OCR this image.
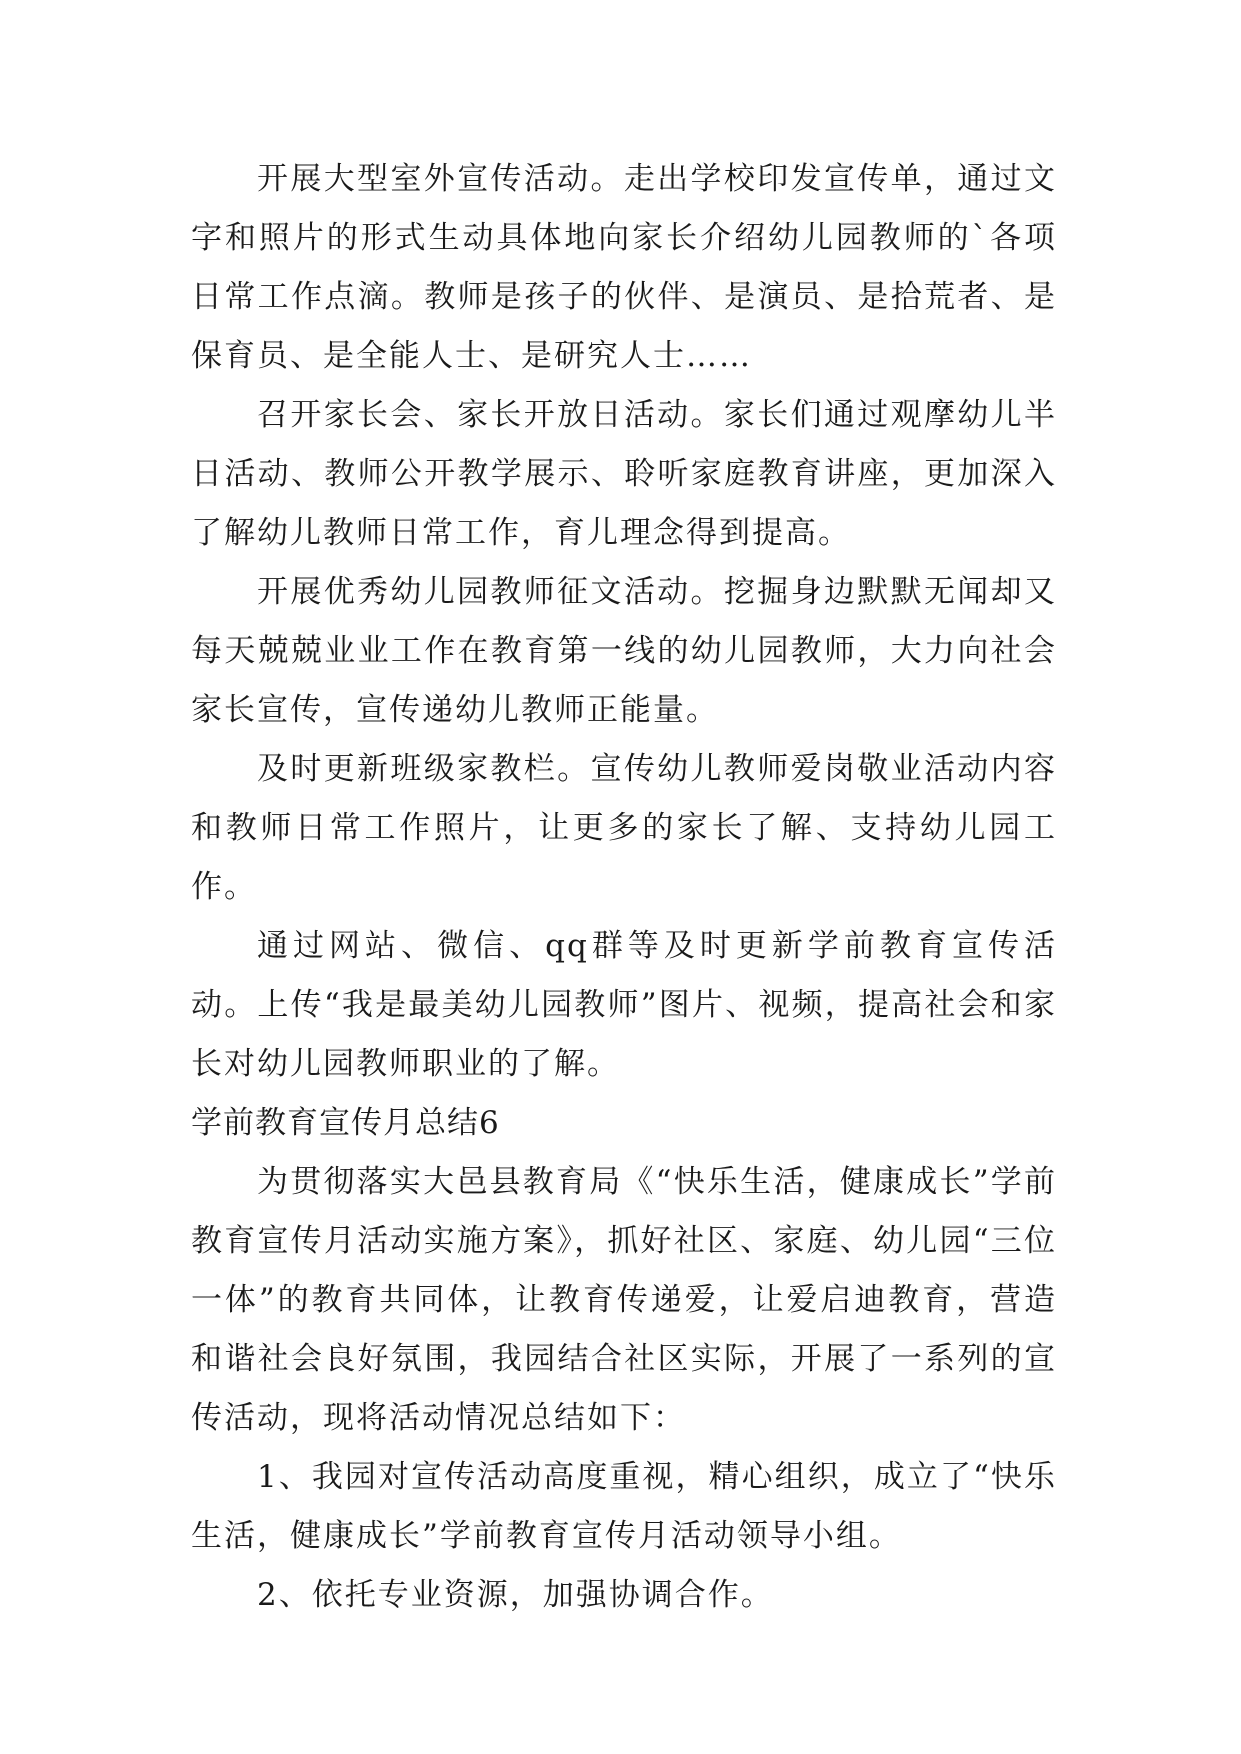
开展大型室外宣传活动。走出学校印发宣传单，通过文字和照片的形式生动具体地向家长介绍幼儿园教师的`各项日常工作点滴。教师是孩子的伙伴、是演员、是拾荒者、是保育员、是全能人士、是研究人士……

召开家长会、家长开放日活动。家长们通过观摩幼儿半日活动、教师公开教学展示、聆听家庭教育讲座，更加深入了解幼儿教师日常工作，育儿理念得到提高。

开展优秀幼儿园教师征文活动。挖掘身边默默无闻却又每天兢兢业业工作在教育第一线的幼儿园教师，大力向社会家长宣传，宣传递幼儿教师正能量。

及时更新班级家教栏。宣传幼儿教师爱岗敬业活动内容和教师日常工作照片，让更多的家长了解、支持幼儿园工作。

通过网站、微信、qq群等及时更新学前教育宣传活动。上传“我是最美幼儿园教师”图片、视频，提高社会和家长对幼儿园教师职业的了解。

学前教育宣传月总结6

为贯彻落实大邑县教育局《“快乐生活，健康成长”学前教育宣传月活动实施方案》，抓好社区、家庭、幼儿园“三位一体”的教育共同体，让教育传递爱，让爱启迪教育，营造和谐社会良好氛围，我园结合社区实际，开展了一系列的宣传活动，现将活动情况总结如下：

1、我园对宣传活动高度重视，精心组织，成立了“快乐生活，健康成长”学前教育宣传月活动领导小组。

2、依托专业资源，加强协调合作。
